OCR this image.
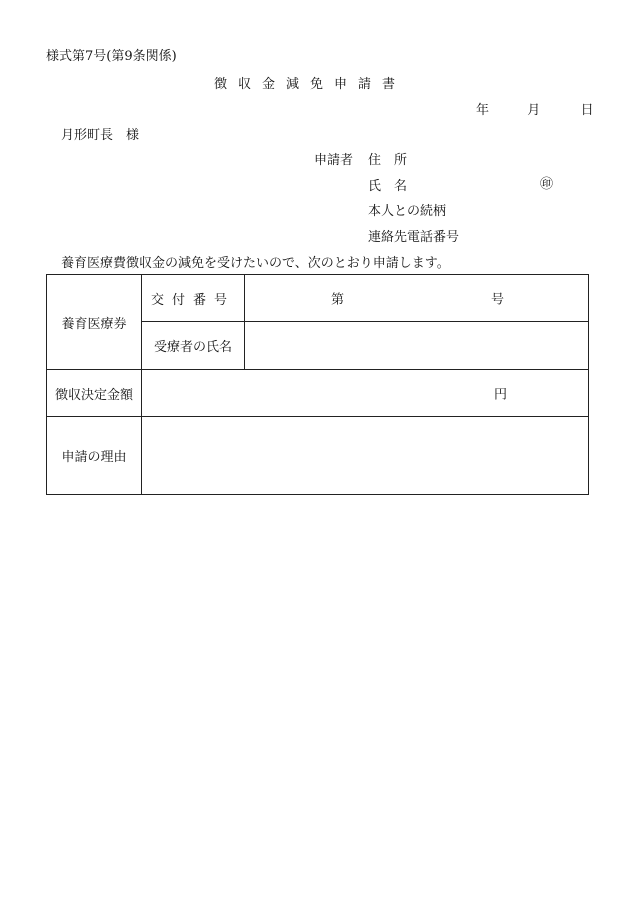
様式第7号(第9条関係)
徴収金減免申請書
年	月	日
月形町長　様
申請者 住　所
氏　名	㊞
本人との続柄
連絡先電話番号
養育医療費徴収金の減免を受けたいので、次のとおり申請します。
養育医療券	交付番号	第 号

	受療者の氏名	
徴収決定金額	円	

申請の理由		
